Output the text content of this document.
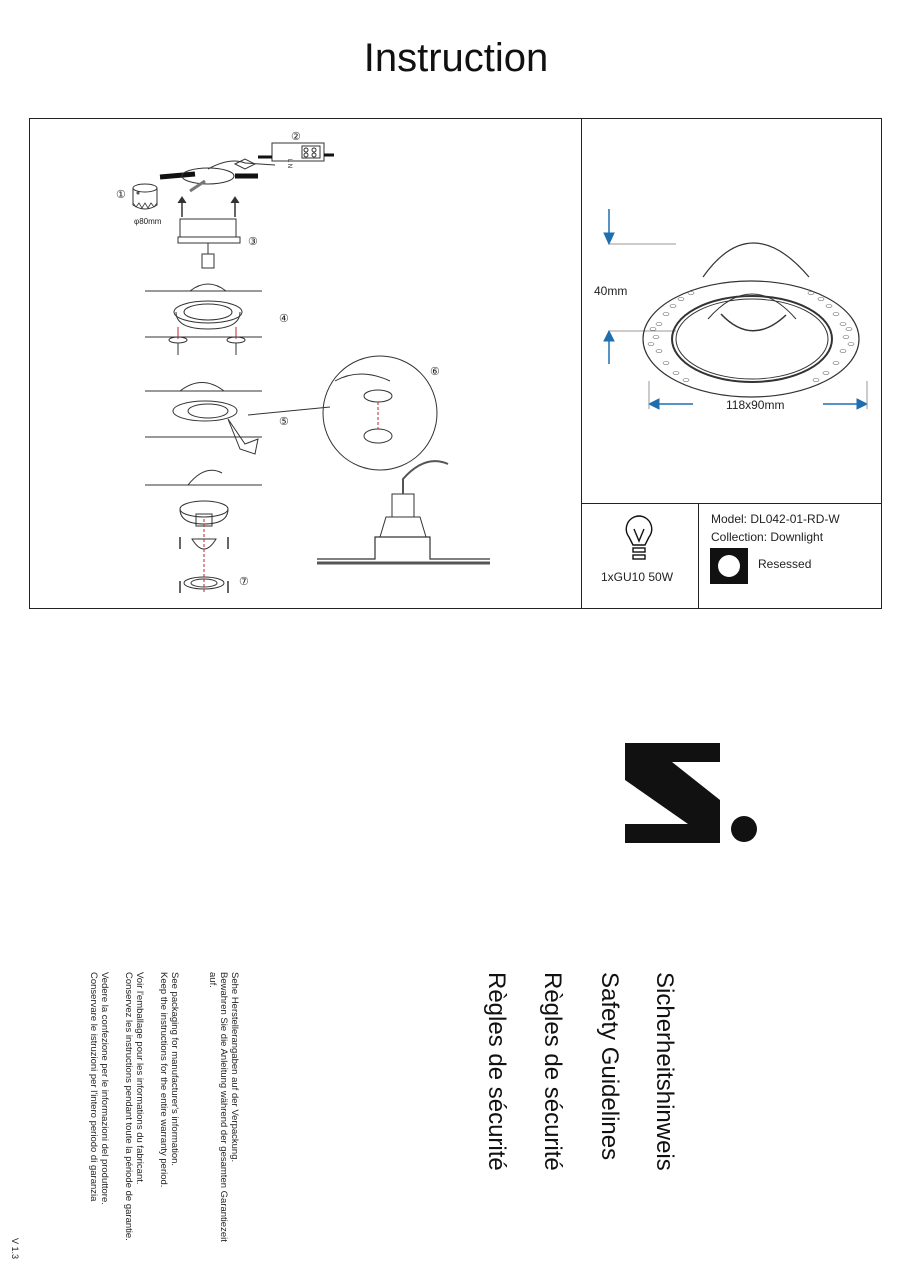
Instruction
①
②
③
④
⑤
⑥
⑦
φ80mm
L N
40mm
118x90mm
1xGU10 50W
Model: DL042-01-RD-W
Collection: Downlight
Resessed
Sicherheitshinweis
Safety Guidelines
Règles de sécurité
Règles de sécurité
Sehe Herstellerangaben auf der Verpackung.
Bewahren Sie die Anleitung während der gesamten Garantiezeit
auf.
See packaging for manufacturer's information.
Keep the instructions for the entire warranty period.
Voir l'emballage pour les informations du fabricant.
Conservez les instructions pendant toute la période de garantie.
Vedere la confezione per le informazioni del produttore.
Conservare le istruzioni per l'intero periodo di garanzia
V 1.3
